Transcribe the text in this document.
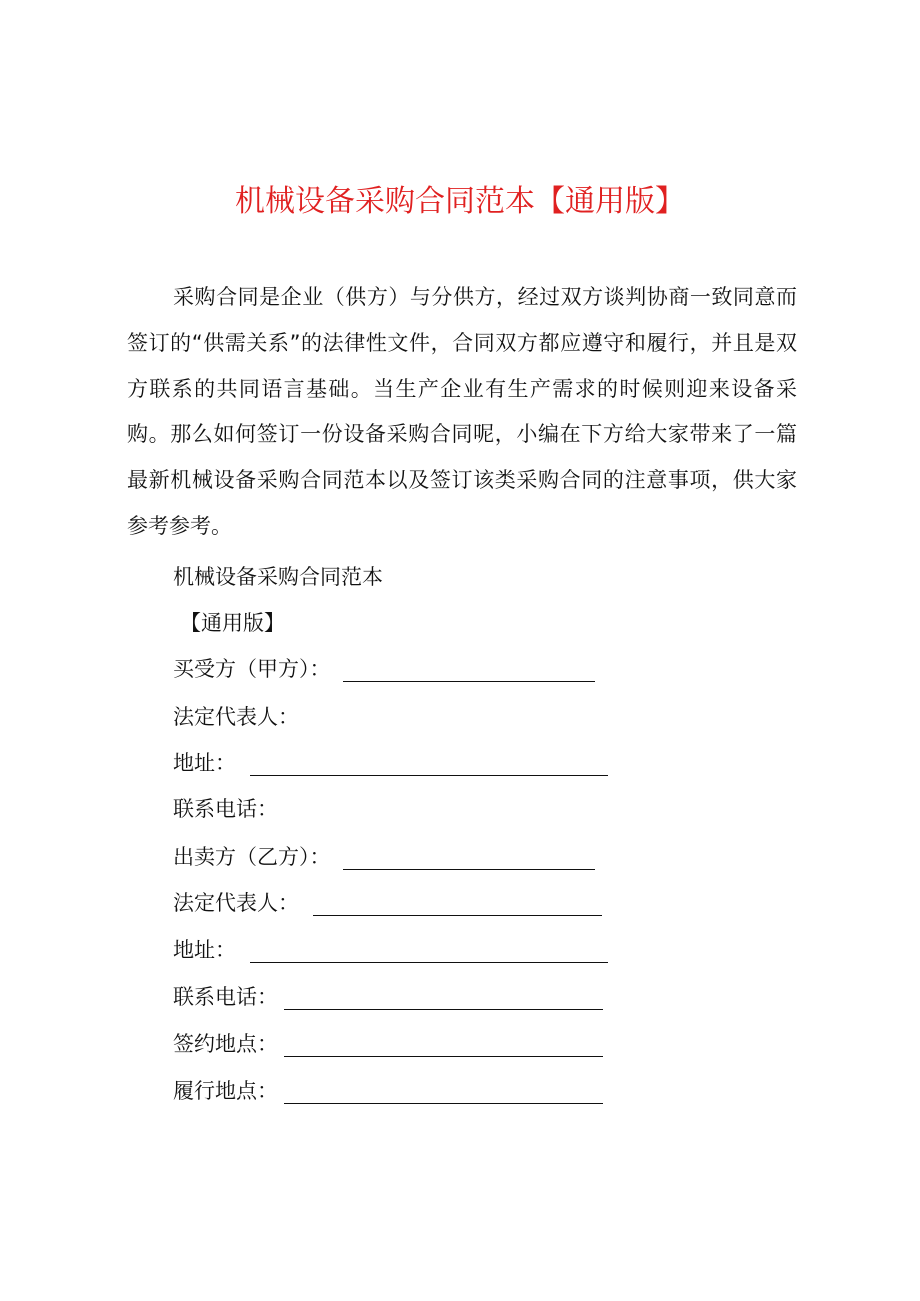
机械设备采购合同范本【通用版】

采购合同是企业（供方）与分供方，经过双方谈判协商一致同意而签订的“供需关系”的法律性文件，合同双方都应遵守和履行，并且是双方联系的共同语言基础。当生产企业有生产需求的时候则迎来设备采购。那么如何签订一份设备采购合同呢，小编在下方给大家带来了一篇最新机械设备采购合同范本以及签订该类采购合同的注意事项，供大家参考参考。

机械设备采购合同范本
【通用版】
买受方（甲方）：
法定代表人：
地址：
联系电话：
出卖方（乙方）：
法定代表人：
地址：
联系电话：
签约地点：
履行地点：
